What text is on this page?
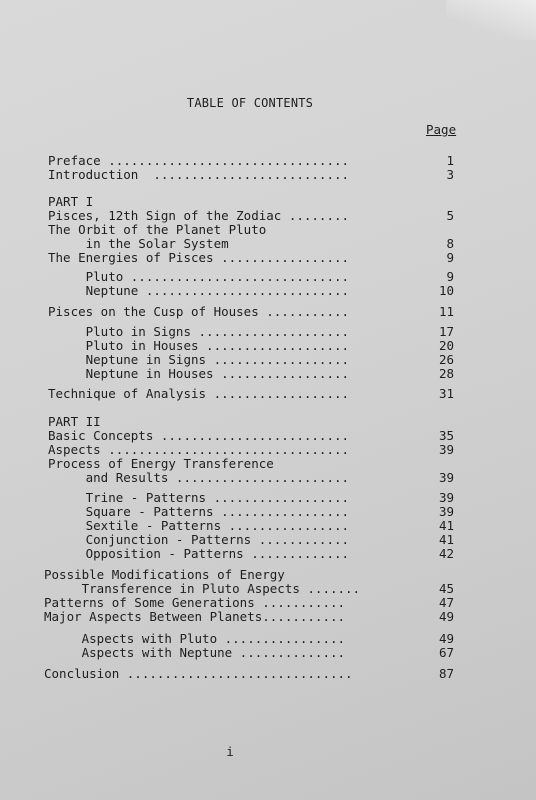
TABLE OF CONTENTS
Page
Preface ................................	1
Introduction  ..........................	3
PART I
Pisces, 12th Sign of the Zodiac ........	5
The Orbit of the Planet Pluto
in the Solar System	8
The Energies of Pisces .................	9
Pluto .............................	9
Neptune ...........................	10
Pisces on the Cusp of Houses ...........	11
Pluto in Signs ....................	17
Pluto in Houses ...................	20
Neptune in Signs ..................	26
Neptune in Houses .................	28
Technique of Analysis ..................	31
PART II
Basic Concepts .........................	35
Aspects ................................	39
Process of Energy Transference
and Results .......................	39
Trine - Patterns ..................	39
Square - Patterns .................	39
Sextile - Patterns ................	41
Conjunction - Patterns ............	41
Opposition - Patterns .............	42
Possible Modifications of Energy
Transference in Pluto Aspects .......	45
Patterns of Some Generations ...........	47
Major Aspects Between Planets...........	49
Aspects with Pluto ................	49
Aspects with Neptune ..............	67
Conclusion ..............................	87
i
